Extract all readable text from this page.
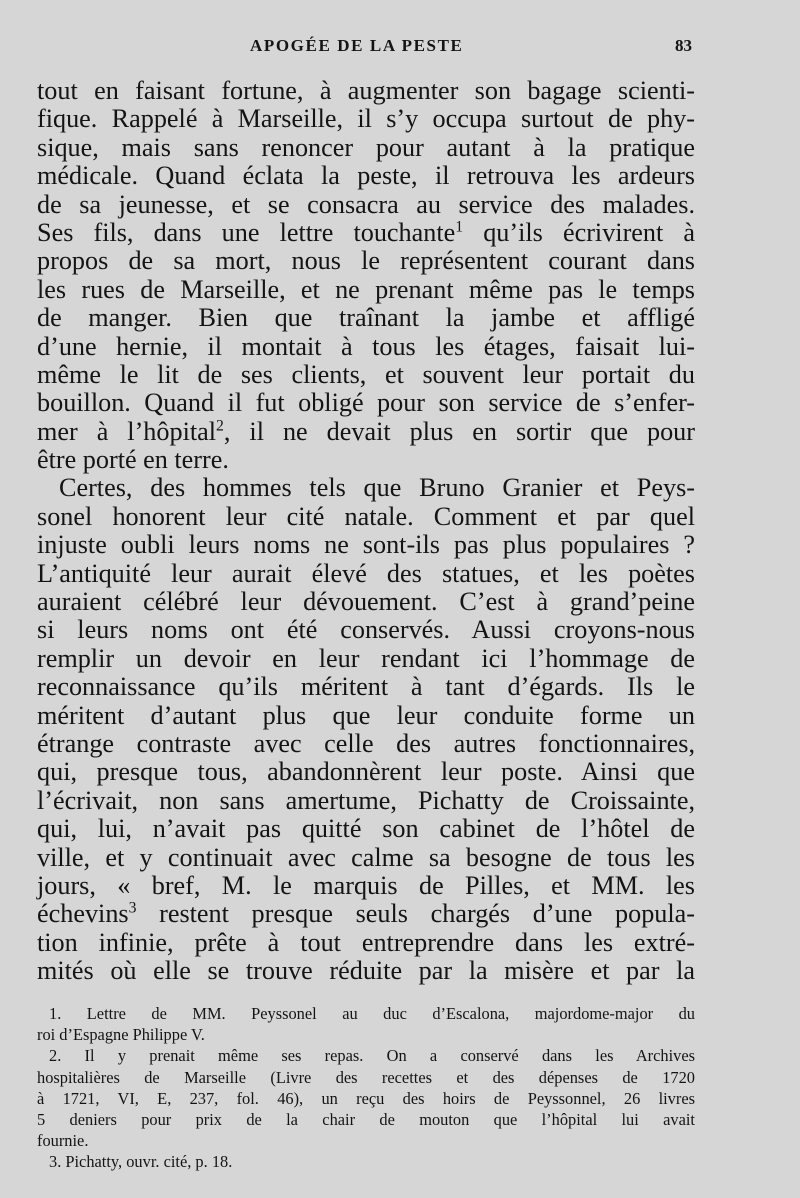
APOGÉE DE LA PESTE	83
tout en faisant fortune, à augmenter son bagage scienti-
fique. Rappelé à Marseille, il s’y occupa surtout de phy-
sique, mais sans renoncer pour autant à la pratique
médicale. Quand éclata la peste, il retrouva les ardeurs
de sa jeunesse, et se consacra au service des malades.
Ses fils, dans une lettre touchante$^1$ qu’ils écrivirent à
propos de sa mort, nous le représentent courant dans
les rues de Marseille, et ne prenant même pas le temps
de manger. Bien que traînant la jambe et affligé
d’une hernie, il montait à tous les étages, faisait lui-
même le lit de ses clients, et souvent leur portait du
bouillon. Quand il fut obligé pour son service de s’enfer-
mer à l’hôpital$^2$, il ne devait plus en sortir que pour
être porté en terre.
Certes, des hommes tels que Bruno Granier et Peys-
sonel honorent leur cité natale. Comment et par quel
injuste oubli leurs noms ne sont-ils pas plus populaires ?
L’antiquité leur aurait élevé des statues, et les poètes
auraient célébré leur dévouement. C’est à grand’peine
si leurs noms ont été conservés. Aussi croyons-nous
remplir un devoir en leur rendant ici l’hommage de
reconnaissance qu’ils méritent à tant d’égards. Ils le
méritent d’autant plus que leur conduite forme un
étrange contraste avec celle des autres fonctionnaires,
qui, presque tous, abandonnèrent leur poste. Ainsi que
l’écrivait, non sans amertume, Pichatty de Croissainte,
qui, lui, n’avait pas quitté son cabinet de l’hôtel de
ville, et y continuait avec calme sa besogne de tous les
jours, « bref, M. le marquis de Pilles, et MM. les
échevins$^3$ restent presque seuls chargés d’une popula-
tion infinie, prête à tout entreprendre dans les extré-
mités où elle se trouve réduite par la misère et par la
1. Lettre de MM. Peyssonel au duc d’Escalona, majordome-major du
roi d’Espagne Philippe V.
2. Il y prenait même ses repas. On a conservé dans les Archives
hospitalières de Marseille (Livre des recettes et des dépenses de 1720
à 1721, VI, E, 237, fol. 46), un reçu des hoirs de Peyssonnel, 26 livres
5 deniers pour prix de la chair de mouton que l’hôpital lui avait
fournie.
3. Pichatty, ouvr. cité, p. 18.
